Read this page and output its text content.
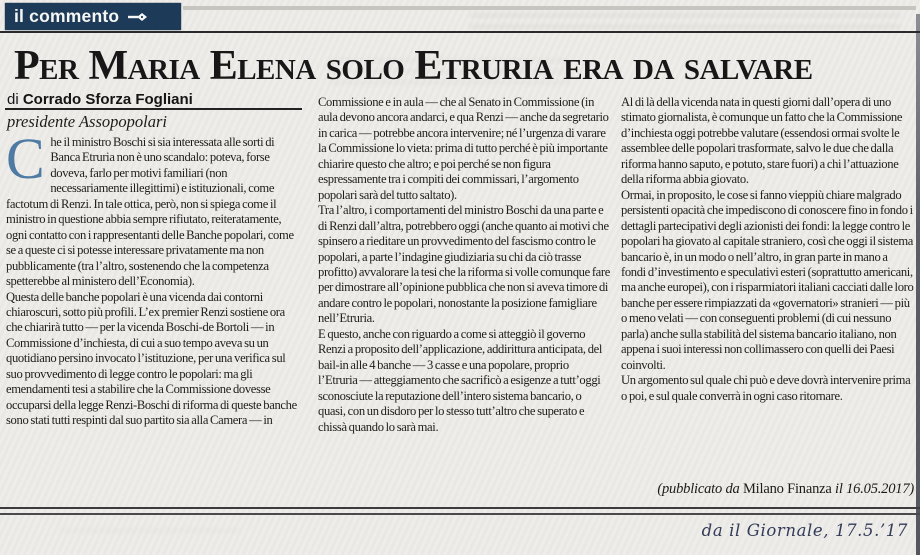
il commento
Per Maria Elena solo Etruria era da salvare
di Corrado Sforza Fogliani
presidente Assopopolari

Che il ministro Boschi si sia interessata alle sorti di Banca Etruria non è uno scandalo: poteva, forse doveva, farlo per motivi familiari (non necessariamente illegittimi) e istituzionali, come factotum di Renzi. In tale ottica, però, non si spiega come il ministro in questione abbia sempre rifiutato, reiteratamente, ogni contatto con i rappresentanti delle Banche popolari, come se a queste ci si potesse interessare privatamente ma non pubblicamente (tra l’altro, sostenendo che la competenza spetterebbe al ministero dell’Economia).

Questa delle banche popolari è una vicenda dai contorni chiaroscuri, sotto più profili. L’ex premier Renzi sostiene ora che chiarirà tutto — per la vicenda Boschi-de Bortoli — in Commissione d’inchiesta, di cui a suo tempo aveva su un quotidiano persino invocato l’istituzione, per una verifica sul suo provvedimento di legge contro le popolari: ma gli emendamenti tesi a stabilire che la Commissione dovesse occuparsi della legge Renzi-Boschi di riforma di queste banche sono stati tutti respinti dal suo partito sia alla Camera — in

Commissione e in aula — che al Senato in Commissione (in aula devono ancora andarci, e qua Renzi — anche da segretario in carica — potrebbe ancora intervenire; né l’urgenza di varare la Commissione lo vieta: prima di tutto perché è più importante chiarire questo che altro; e poi perché se non figura espressamente tra i compiti dei commissari, l’argomento popolari sarà del tutto saltato).

Tra l’altro, i comportamenti del ministro Boschi da una parte e di Renzi dall’altra, potrebbero oggi (anche quanto ai motivi che spinsero a rieditare un provvedimento del fascismo contro le popolari, a parte l’indagine giudiziaria su chi da ciò trasse profitto) avvalorare la tesi che la riforma si volle comunque fare per dimostrare all’opinione pubblica che non si aveva timore di andare contro le popolari, nonostante la posizione famigliare nell’Etruria.

E questo, anche con riguardo a come si atteggiò il governo Renzi a proposito dell’applicazione, addirittura anticipata, del bail-in alle 4 banche — 3 casse e una popolare, proprio l’Etruria — atteggiamento che sacrificò a esigenze a tutt’oggi sconosciute la reputazione dell’intero sistema bancario, o quasi, con un disdoro per lo stesso tutt’altro che superato e chissà quando lo sarà mai.

Al di là della vicenda nata in questi giorni dall’opera di uno stimato giornalista, è comunque un fatto che la Commissione d’inchiesta oggi potrebbe valutare (essendosi ormai svolte le assemblee delle popolari trasformate, salvo le due che dalla riforma hanno saputo, e potuto, stare fuori) a chi l’attuazione della riforma abbia giovato.

Ormai, in proposito, le cose si fanno vieppiù chiare malgrado persistenti opacità che impediscono di conoscere fino in fondo i dettagli partecipativi degli azionisti dei fondi: la legge contro le popolari ha giovato al capitale straniero, così che oggi il sistema bancario è, in un modo o nell’altro, in gran parte in mano a fondi d’investimento e speculativi esteri (soprattutto americani, ma anche europei), con i risparmiatori italiani cacciati dalle loro banche per essere rimpiazzati da «governatori» stranieri — più o meno velati — con conseguenti problemi (di cui nessuno parla) anche sulla stabilità del sistema bancario italiano, non appena i suoi interessi non collimassero con quelli dei Paesi coinvolti.

Un argomento sul quale chi può e deve dovrà intervenire prima o poi, e sul quale converrà in ogni caso ritornare.

(pubblicato da Milano Finanza il 16.05.2017)
da il Giornale, 17.5.’17
